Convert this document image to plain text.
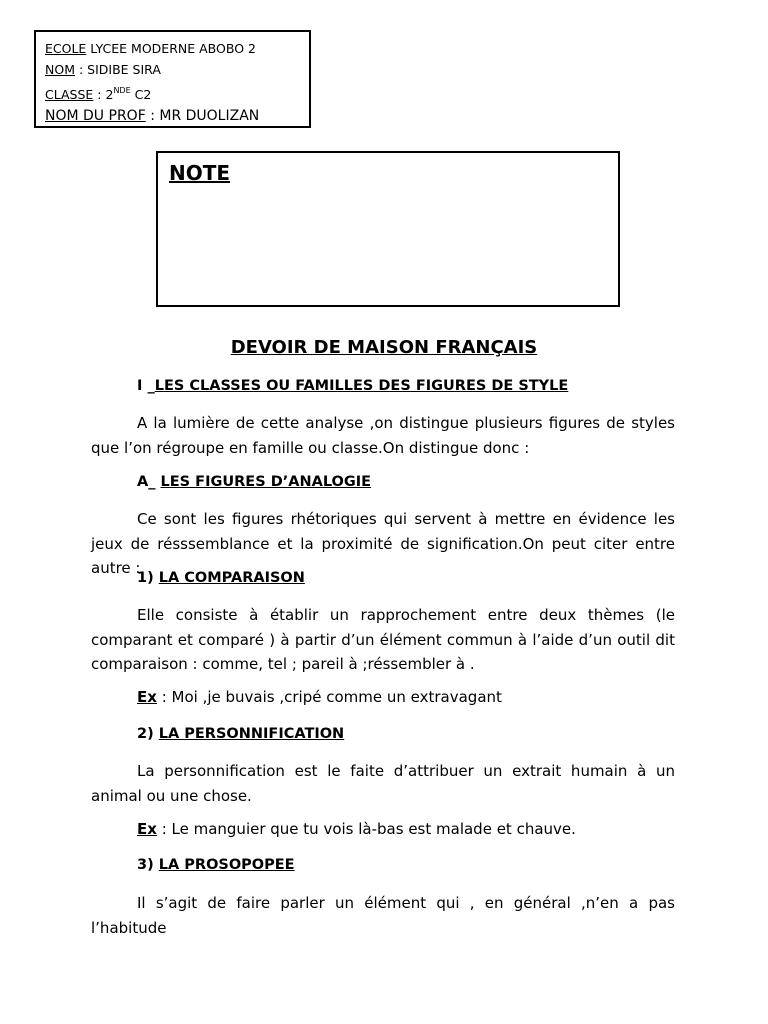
ECOLE LYCEE MODERNE ABOBO 2
NOM : SIDIBE SIRA
CLASSE : 2NDE C2
NOM DU PROF : MR DUOLIZAN
NOTE
DEVOIR DE MAISON FRANÇAIS
I _LES CLASSES OU FAMILLES DES FIGURES DE STYLE
A la lumière de cette analyse ,on distingue plusieurs figures de styles que l’on régroupe en famille ou classe.On distingue donc :
A_ LES FIGURES D’ANALOGIE
Ce sont les figures rhétoriques qui servent à mettre en évidence les jeux de résssemblance et la proximité de signification.On peut citer entre autre :
1) LA COMPARAISON
Elle consiste à établir un rapprochement entre deux thèmes (le comparant et comparé ) à partir d’un élément commun à l’aide d’un outil dit comparaison : comme, tel ; pareil à ;réssembler à .
Ex : Moi ,je buvais ,cripé comme un extravagant
2) LA PERSONNIFICATION
La personnification est le faite d’attribuer un extrait humain à un animal ou une chose.
Ex : Le manguier que tu vois là-bas est malade et chauve.
3) LA PROSOPOPEE
Il s’agit de faire parler un élément qui , en général ,n’en a pas l’habitude
